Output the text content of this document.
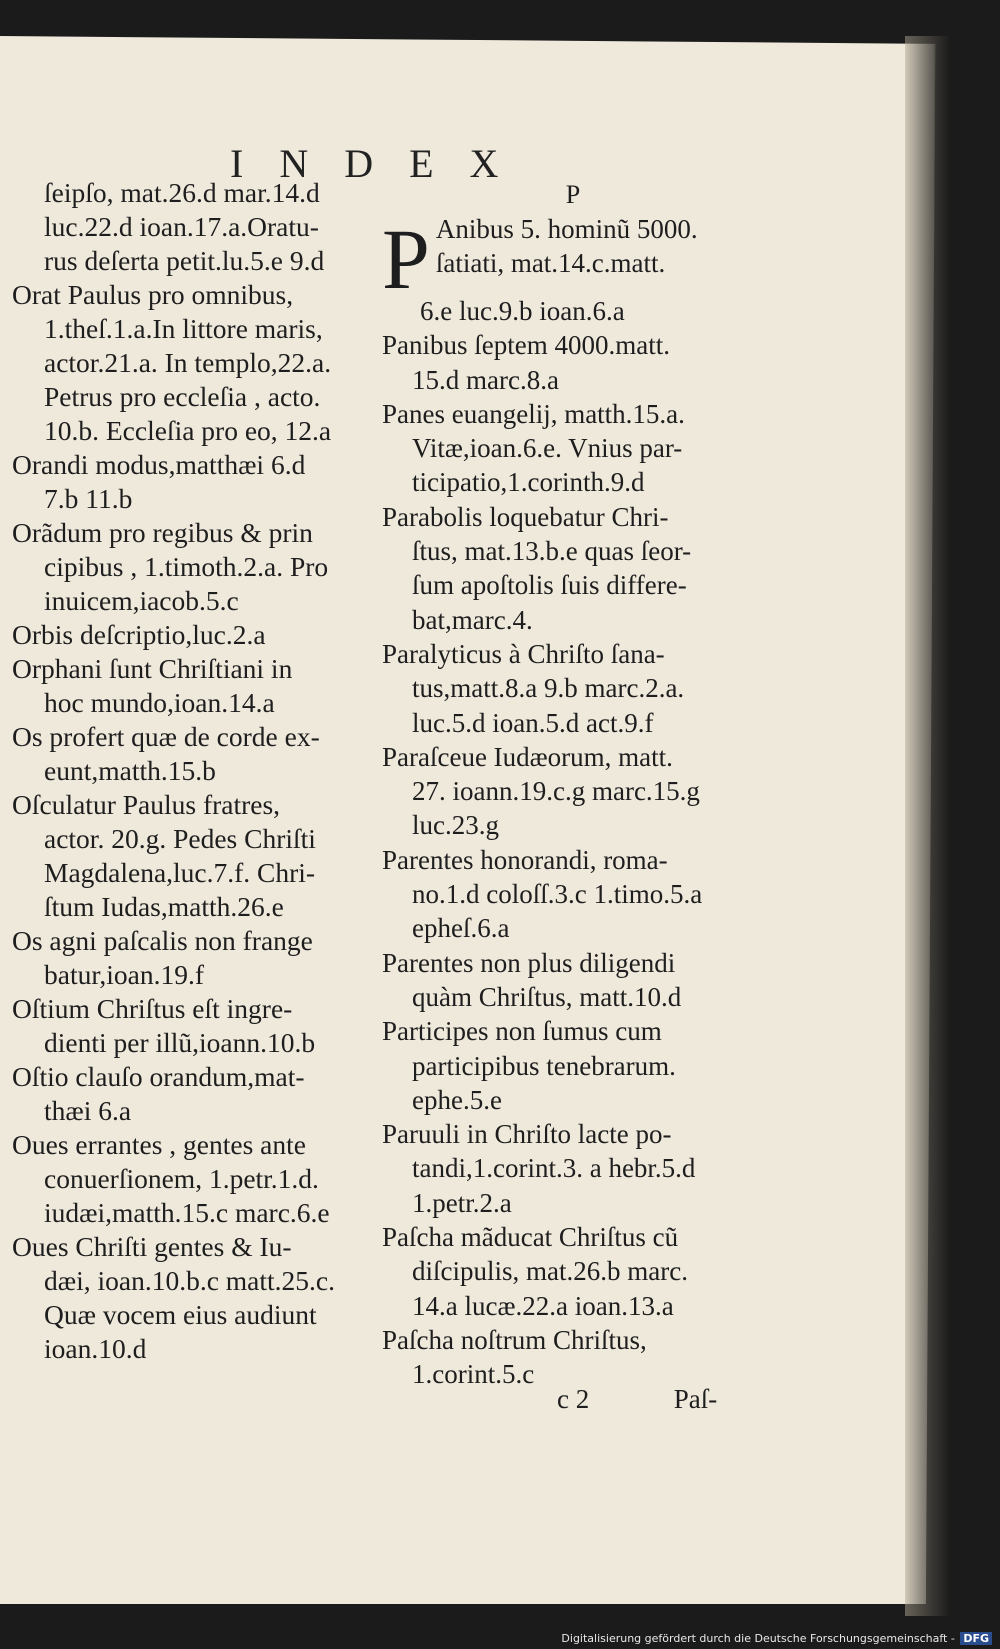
INDEX
ſeipſo, mat.26.d mar.14.d
luc.22.d ioan.17.a.Oratu-
rus deſerta petit.lu.5.e 9.d
Orat Paulus pro omnibus,
1.theſ.1.a.In littore maris,
actor.21.a. In templo,22.a.
Petrus pro eccleſia , acto.
10.b. Eccleſia pro eo, 12.a
Orandi modus,matthæi 6.d
7.b 11.b
Orãdum pro regibus & prin
cipibus , 1.timoth.2.a. Pro
inuicem,iacob.5.c
Orbis deſcriptio,luc.2.a
Orphani ſunt Chriſtiani in
hoc mundo,ioan.14.a
Os profert quæ de corde ex-
eunt,matth.15.b
Oſculatur Paulus fratres,
actor. 20.g. Pedes Chriſti
Magdalena,luc.7.f. Chri-
ſtum Iudas,matth.26.e
Os agni paſcalis non frange
batur,ioan.19.f
Oſtium Chriſtus eſt ingre-
dienti per illũ,ioann.10.b
Oſtio clauſo orandum,mat-
thæi 6.a
Oues errantes , gentes ante
conuerſionem, 1.petr.1.d.
iudæi,matth.15.c marc.6.e
Oues Chriſti gentes & Iu-
dæi, ioan.10.b.c matt.25.c.
Quæ vocem eius audiunt
ioan.10.d
P
P Anibus 5. hominũ 5000.
ſatiati, mat.14.c.matt.
6.e luc.9.b ioan.6.a
Panibus ſeptem 4000.matt.
15.d marc.8.a
Panes euangelij, matth.15.a.
Vitæ,ioan.6.e. Vnius par-
ticipatio,1.corinth.9.d
Parabolis loquebatur Chri-
ſtus, mat.13.b.e quas ſeor-
ſum apoſtolis ſuis differe-
bat,marc.4.
Paralyticus à Chriſto ſana-
tus,matt.8.a 9.b marc.2.a.
luc.5.d ioan.5.d act.9.f
Paraſceue Iudæorum, matt.
27. ioann.19.c.g marc.15.g
luc.23.g
Parentes honorandi, roma-
no.1.d coloſſ.3.c 1.timo.5.a
epheſ.6.a
Parentes non plus diligendi
quàm Chriſtus, matt.10.d
Participes non ſumus cum
participibus tenebrarum.
ephe.5.e
Paruuli in Chriſto lacte po-
tandi,1.corint.3. a hebr.5.d
1.petr.2.a
Paſcha mãducat Chriſtus cũ
diſcipulis, mat.26.b marc.
14.a lucæ.22.a ioan.13.a
Paſcha noſtrum Chriſtus,
1.corint.5.c
c 2	Paſ-
Digitalisierung gefördert durch die Deutsche Forschungsgemeinschaft - DFG
